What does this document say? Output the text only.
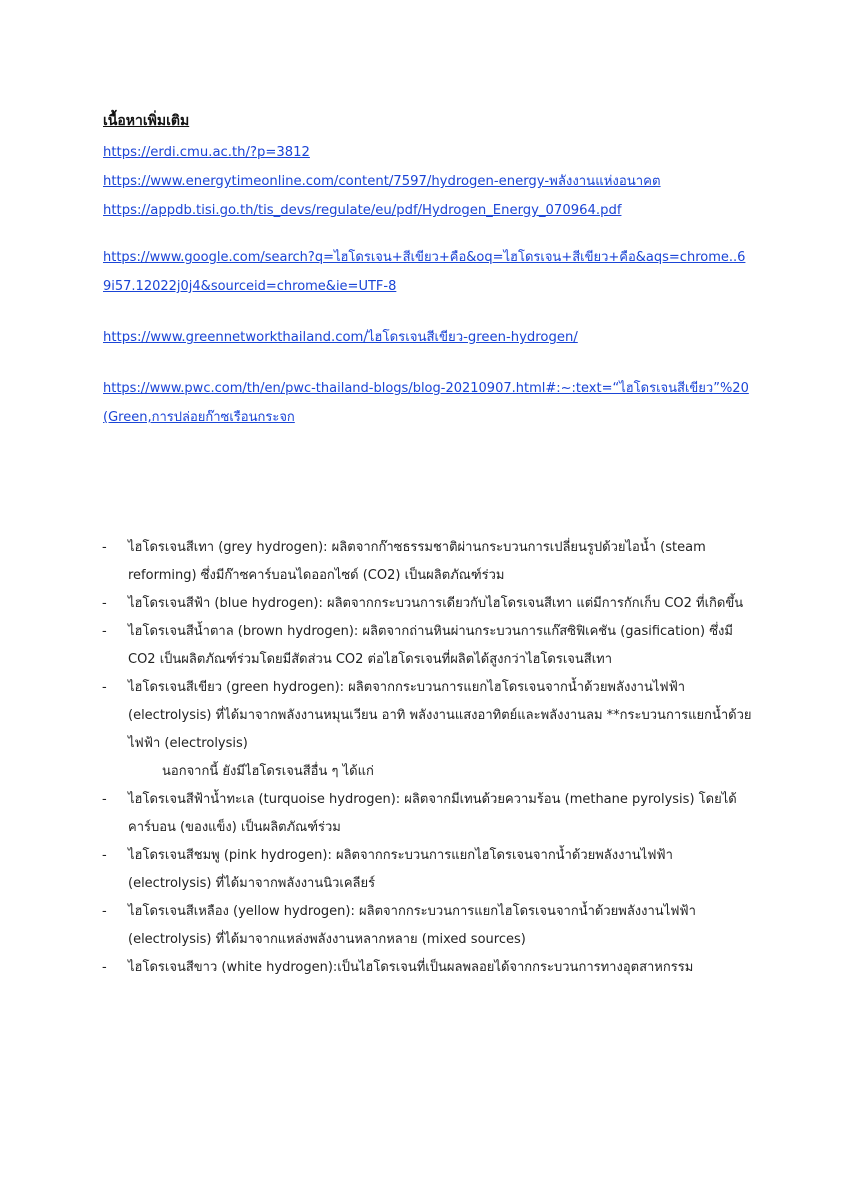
เนื้อหาเพิ่มเติม
https://erdi.cmu.ac.th/?p=3812
https://www.energytimeonline.com/content/7597/hydrogen-energy-พลังงานแห่งอนาคต
https://appdb.tisi.go.th/tis_devs/regulate/eu/pdf/Hydrogen_Energy_070964.pdf
https://www.google.com/search?q=ไฮโดรเจน+สีเขียว+คือ&oq=ไฮโดรเจน+สีเขียว+คือ&aqs=chrome..69i57.12022j0j4&sourceid=chrome&ie=UTF-8
https://www.greennetworkthailand.com/ไฮโดรเจนสีเขียว-green-hydrogen/
https://www.pwc.com/th/en/pwc-thailand-blogs/blog-20210907.html#:~:text=“ไฮโดรเจนสีเขียว”%20(Green,การปล่อยก๊าซเรือนกระจก
- ไฮโดรเจนสีเทา (grey hydrogen): ผลิตจากก๊าซธรรมชาติผ่านกระบวนการเปลี่ยนรูปด้วยไอน้ำ (steam reforming) ซึ่งมีก๊าซคาร์บอนไดออกไซด์ (CO2) เป็นผลิตภัณฑ์ร่วม
- ไฮโดรเจนสีฟ้า (blue hydrogen): ผลิตจากกระบวนการเดียวกับไฮโดรเจนสีเทา แต่มีการกักเก็บ CO2 ที่เกิดขึ้น
- ไฮโดรเจนสีน้ำตาล (brown hydrogen): ผลิตจากถ่านหินผ่านกระบวนการแก๊สซิฟิเคชัน (gasification) ซึ่งมี CO2 เป็นผลิตภัณฑ์ร่วมโดยมีสัดส่วน CO2 ต่อไฮโดรเจนที่ผลิตได้สูงกว่าไฮโดรเจนสีเทา
- ไฮโดรเจนสีเขียว (green hydrogen): ผลิตจากกระบวนการแยกไฮโดรเจนจากน้ำด้วยพลังงานไฟฟ้า (electrolysis) ที่ได้มาจากพลังงานหมุนเวียน อาทิ พลังงานแสงอาทิตย์และพลังงานลม **กระบวนการแยกน้ำด้วยไฟฟ้า (electrolysis)
นอกจากนี้ ยังมีไฮโดรเจนสีอื่น ๆ ได้แก่
- ไฮโดรเจนสีฟ้าน้ำทะเล (turquoise hydrogen): ผลิตจากมีเทนด้วยความร้อน (methane pyrolysis) โดยได้คาร์บอน (ของแข็ง) เป็นผลิตภัณฑ์ร่วม
- ไฮโดรเจนสีชมพู (pink hydrogen): ผลิตจากกระบวนการแยกไฮโดรเจนจากน้ำด้วยพลังงานไฟฟ้า (electrolysis) ที่ได้มาจากพลังงานนิวเคลียร์
- ไฮโดรเจนสีเหลือง (yellow hydrogen): ผลิตจากกระบวนการแยกไฮโดรเจนจากน้ำด้วยพลังงานไฟฟ้า (electrolysis) ที่ได้มาจากแหล่งพลังงานหลากหลาย (mixed sources)
- ไฮโดรเจนสีขาว (white hydrogen):เป็นไฮโดรเจนที่เป็นผลพลอยได้จากกระบวนการทางอุตสาหกรรม
